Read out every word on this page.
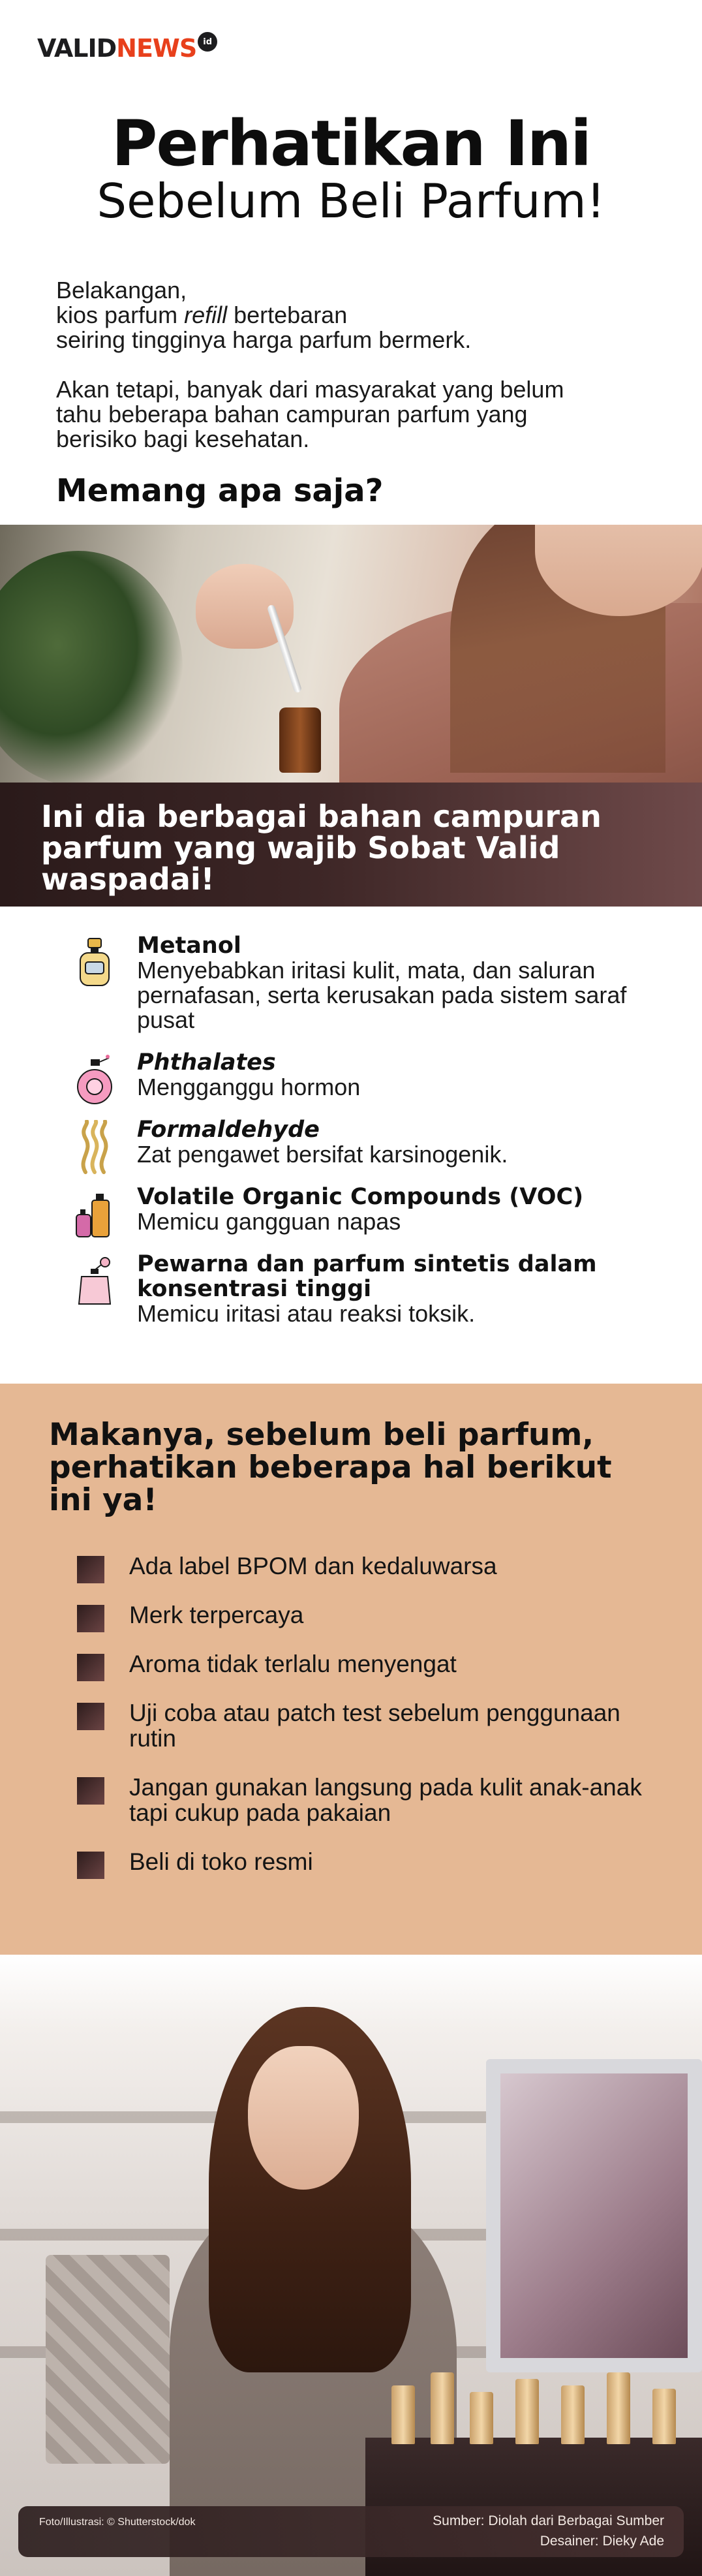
VALID NEWS id
Perhatikan Ini
Sebelum Beli Parfum!

Belakangan,
kios parfum refill bertebaran
seiring tingginya harga parfum bermerk.

Akan tetapi, banyak dari masyarakat yang belum
tahu beberapa bahan campuran parfum yang
berisiko bagi kesehatan.

Memang apa saja?
Ini dia berbagai bahan campuran parfum yang wajib Sobat Valid waspadai!
Metanol
Menyebabkan iritasi kulit, mata, dan saluran pernafasan, serta kerusakan pada sistem saraf pusat
Phthalates
Mengganggu hormon
Formaldehyde
Zat pengawet bersifat karsinogenik.
Volatile Organic Compounds (VOC)
Memicu gangguan napas
Pewarna dan parfum sintetis dalam konsentrasi tinggi
Memicu iritasi atau reaksi toksik.
Makanya, sebelum beli parfum, perhatikan beberapa hal berikut ini ya!
Ada label BPOM dan kedaluwarsa
Merk terpercaya
Aroma tidak terlalu menyengat
Uji coba atau patch test sebelum penggunaan rutin
Jangan gunakan langsung pada kulit anak-anak tapi cukup pada pakaian
Beli di toko resmi
Foto/Illustrasi: © Shutterstock/dok	Sumber: Diolah dari Berbagai Sumber
Desainer: Dieky Ade
